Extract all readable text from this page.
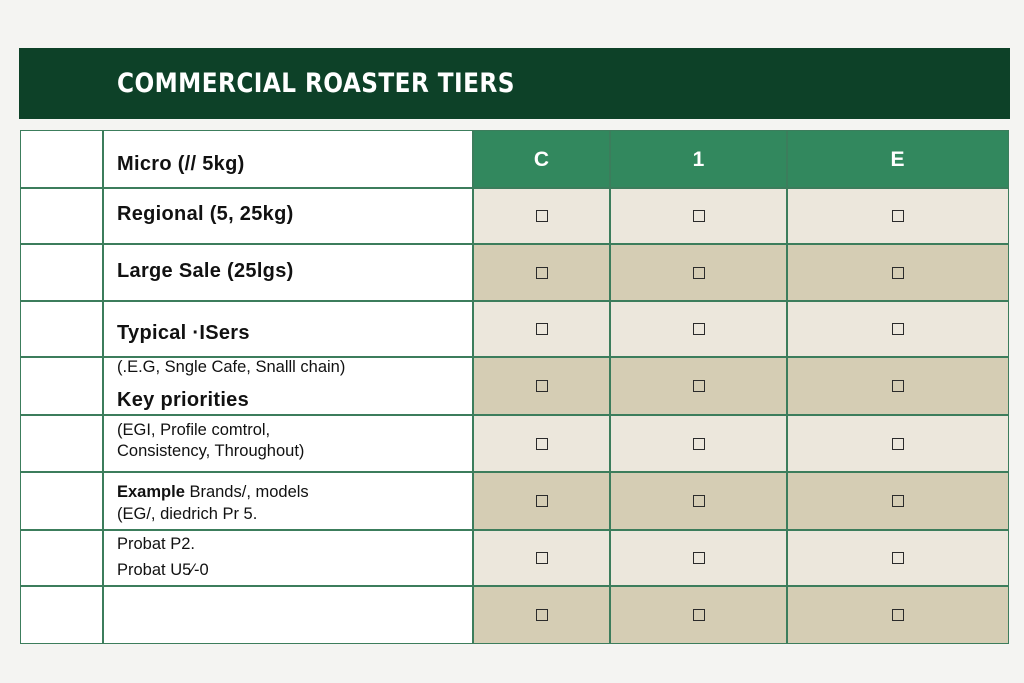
COMMERCIAL ROASTER TIERS
C	1	E
Micro (// 5kg)
Regional (5, 25kg)
Large Sale (25lgs)
Typical ·ISers
(.E.G, Sngle Cafe, Snalll chain)
Key priorities
(EGI, Profile comtrol,
Consistency, Throughout)
Example Brands/, models
(EG/, diedrich Pr 5.
Probat P2.
Probat U5⁄-0
